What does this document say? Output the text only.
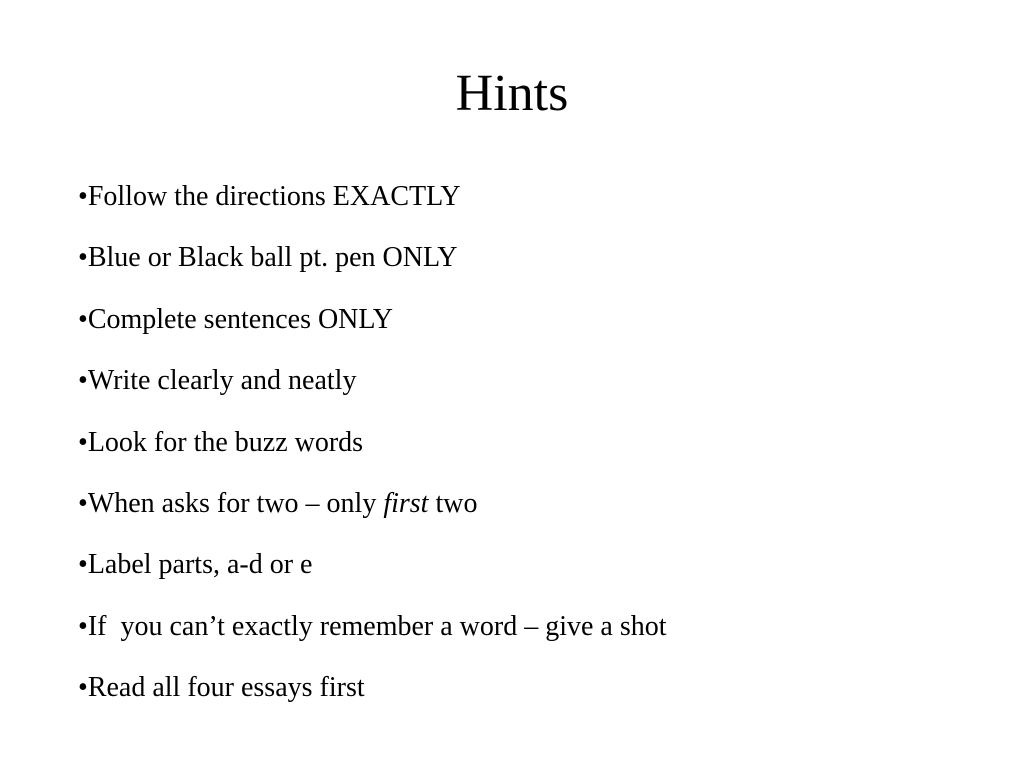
Hints
•Follow the directions EXACTLY
•Blue or Black ball pt. pen ONLY
•Complete sentences ONLY
•Write clearly and neatly
•Look for the buzz words
•When asks for two – only first two
•Label parts, a-d or e
•If  you can’t exactly remember a word – give a shot
•Read all four essays first
